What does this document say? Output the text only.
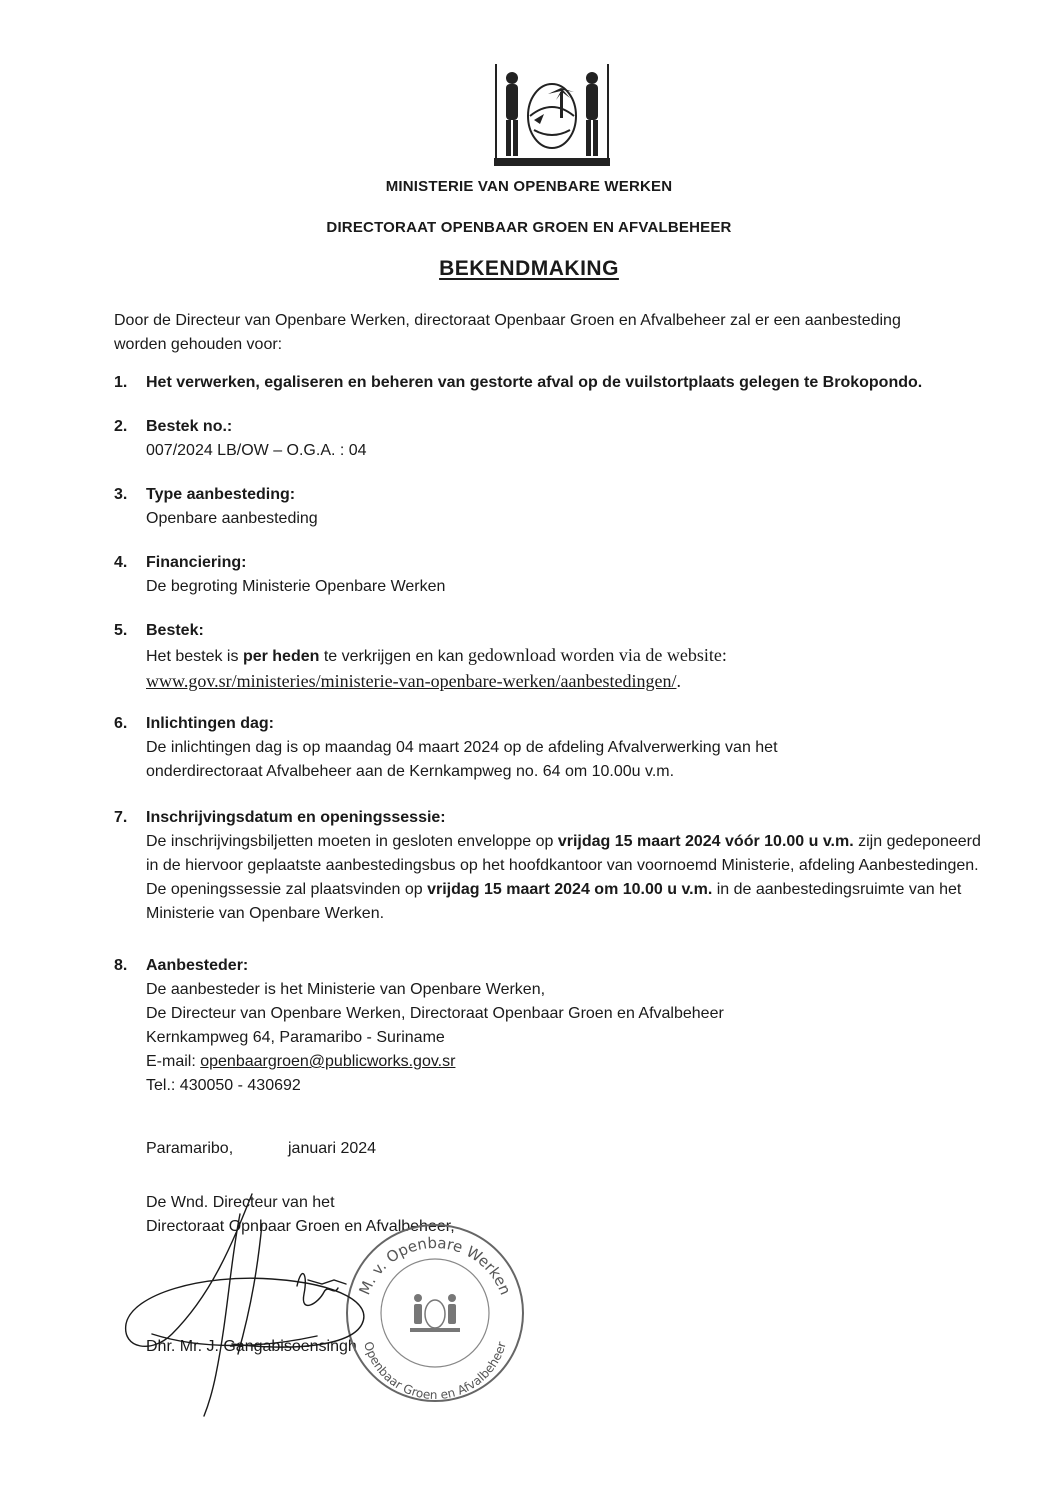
MINISTERIE VAN OPENBARE WERKEN
DIRECTORAAT OPENBAAR GROEN EN AFVALBEHEER
BEKENDMAKING
Door de Directeur van Openbare Werken, directoraat Openbaar Groen en Afvalbeheer zal er een aanbesteding worden gehouden voor:
1. Het verwerken, egaliseren en beheren van gestorte afval op de vuilstortplaats gelegen te Brokopondo.
2. Bestek no.:
007/2024 LB/OW – O.G.A. : 04
3. Type aanbesteding:
Openbare aanbesteding
4. Financiering:
De begroting Ministerie Openbare Werken
5. Bestek:
Het bestek is per heden te verkrijgen en kan gedownload worden via de website:
www.gov.sr/ministeries/ministerie-van-openbare-werken/aanbestedingen/.
6. Inlichtingen dag:
De inlichtingen dag is op maandag 04 maart 2024 op de afdeling Afvalverwerking van het
onderdirectoraat Afvalbeheer aan de Kernkampweg no. 64 om 10.00u v.m.
7. Inschrijvingsdatum en openingssessie:
De inschrijvingsbiljetten moeten in gesloten enveloppe op vrijdag 15 maart 2024 vóór 10.00 u v.m. zijn gedeponeerd in de hiervoor geplaatste aanbestedingsbus op het hoofdkantoor van voornoemd Ministerie, afdeling Aanbestedingen. De openingssessie zal plaatsvinden op vrijdag 15 maart 2024 om 10.00 u v.m. in de aanbestedingsruimte van het Ministerie van Openbare Werken.
8. Aanbesteder:
De aanbesteder is het Ministerie van Openbare Werken,
De Directeur van Openbare Werken, Directoraat Openbaar Groen en Afvalbeheer
Kernkampweg 64, Paramaribo - Suriname
E-mail: openbaargroen@publicworks.gov.sr
Tel.: 430050 - 430692
Paramaribo,	januari 2024
De Wnd. Directeur van het
Directoraat Opnbaar Groen en Afvalbeheer,
Dhr. Mr. J. Gangabisoensingh
M. v. Openbare Werken
Openbaar Groen en Afvalbeheer
